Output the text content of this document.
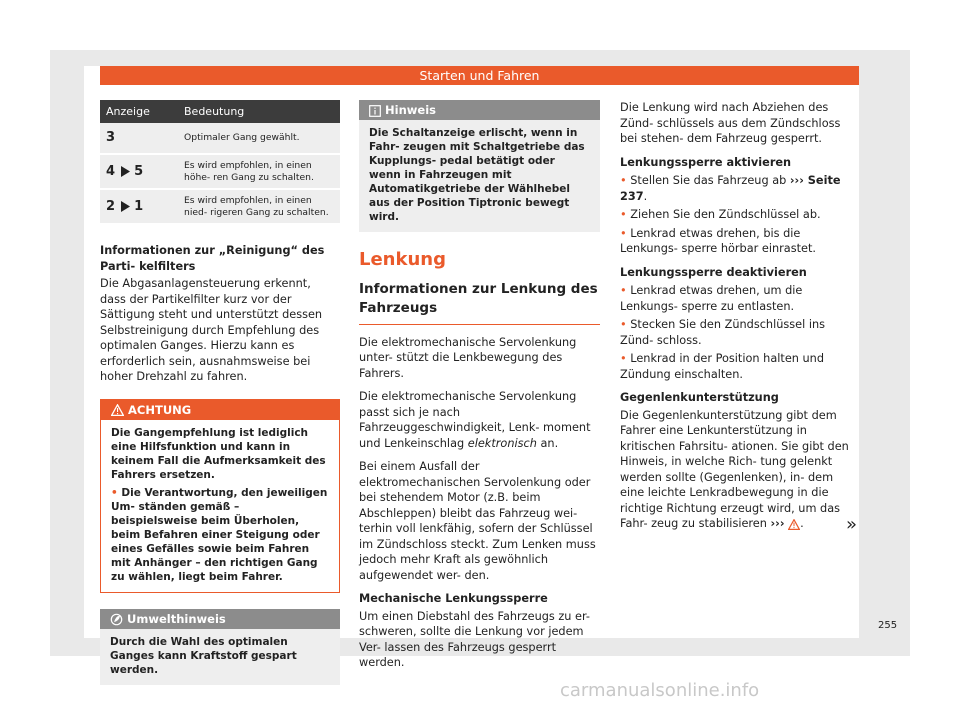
Starten und Fahren
Anzeige	Bedeutung
3	Optimaler Gang gewählt.
4 5	Es wird empfohlen, in einen höhe- ren Gang zu schalten.
2 1	Es wird empfohlen, in einen nied- rigeren Gang zu schalten.

Informationen zur „Reinigung“ des Parti- kelfilters

Die Abgasanlagensteuerung erkennt, dass der Partikelfilter kurz vor der Sättigung steht und unterstützt dessen Selbstreinigung durch Empfehlung des optimalen Ganges. Hierzu kann es erforderlich sein, ausnahmsweise bei hoher Drehzahl zu fahren.

ACHTUNG

Die Gangempfehlung ist lediglich eine Hilfsfunktion und kann in keinem Fall die Aufmerksamkeit des Fahrers ersetzen.

• Die Verantwortung, den jeweiligen Um- ständen gemäß – beispielsweise beim Überholen, beim Befahren einer Steigung oder eines Gefälles sowie beim Fahren mit Anhänger – den richtigen Gang zu wählen, liegt beim Fahrer.

Umwelthinweis
Durch die Wahl des optimalen Ganges kann Kraftstoff gespart werden.
Hinweis
Die Schaltanzeige erlischt, wenn in Fahr- zeugen mit Schaltgetriebe das Kupplungs- pedal betätigt oder wenn in Fahrzeugen mit Automatikgetriebe der Wählhebel aus der Position Tiptronic bewegt wird.
Lenkung
Informationen zur Lenkung des Fahrzeugs

Die elektromechanische Servolenkung unter- stützt die Lenkbewegung des Fahrers.

Die elektromechanische Servolenkung passt sich je nach Fahrzeuggeschwindigkeit, Lenk- moment und Lenkeinschlag elektronisch an.

Bei einem Ausfall der elektromechanischen Servolenkung oder bei stehendem Motor (z.B. beim Abschleppen) bleibt das Fahrzeug wei- terhin voll lenkfähig, sofern der Schlüssel im Zündschloss steckt. Zum Lenken muss jedoch mehr Kraft als gewöhnlich aufgewendet wer- den.

Mechanische Lenkungssperre

Um einen Diebstahl des Fahrzeugs zu er- schweren, sollte die Lenkung vor jedem Ver- lassen des Fahrzeugs gesperrt werden.

Die Lenkung wird nach Abziehen des Zünd- schlüssels aus dem Zündschloss bei stehen- dem Fahrzeug gesperrt.

Lenkungssperre aktivieren

• Stellen Sie das Fahrzeug ab ››› Seite 237.

• Ziehen Sie den Zündschlüssel ab.

• Lenkrad etwas drehen, bis die Lenkungs- sperre hörbar einrastet.

Lenkungssperre deaktivieren

• Lenkrad etwas drehen, um die Lenkungs- sperre zu entlasten.

• Stecken Sie den Zündschlüssel ins Zünd- schloss.

• Lenkrad in der Position halten und Zündung einschalten.

Gegenlenkunterstützung

Die Gegenlenkunterstützung gibt dem Fahrer eine Lenkunterstützung in kritischen Fahrsitu- ationen. Sie gibt den Hinweis, in welche Rich- tung gelenkt werden sollte (Gegenlenken), in- dem eine leichte Lenkradbewegung in die richtige Richtung erzeugt wird, um das Fahr- zeug zu stabilisieren ››› .	»
255
carmanualsonline.info
